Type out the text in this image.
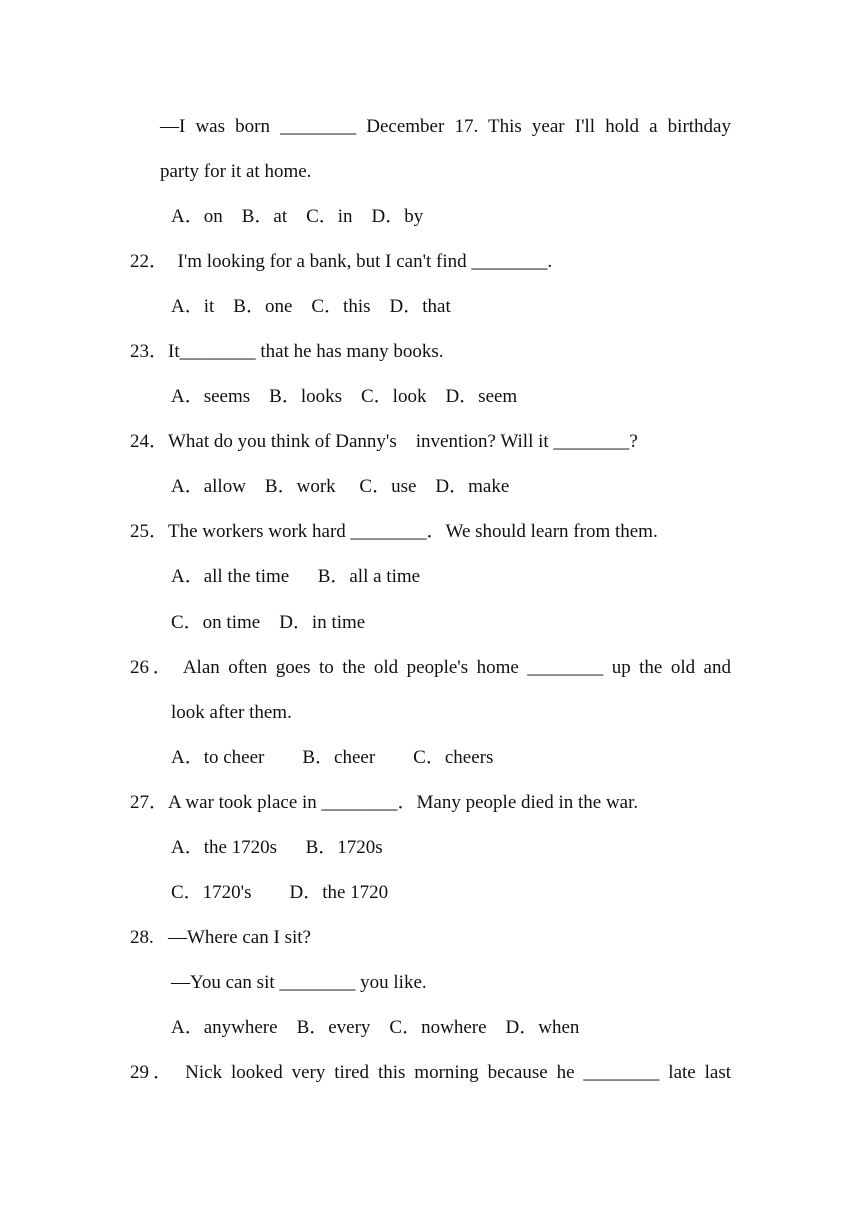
—I was born ________ December 17. This year I'll hold a birthday
party for it at home.
A．on    B．at    C．in    D．by
22．  I'm looking for a bank, but I can't find ________.
A．it    B．one    C．this    D．that
23．It________ that he has many books.
A．seems    B．looks    C．look    D．seem
24．What do you think of Danny's    invention? Will it ________?
A．allow    B．work     C．use    D．make
25．The workers work hard ________．We should learn from them.
A．all the time      B．all a time
C．on time    D．in time
26． Alan often goes to the old people's home ________ up the old and
look after them.
A．to cheer        B．cheer        C．cheers
27．A war took place in ________．Many people died in the war.
A．the 1720s      B．1720s
C．1720's        D．the 1720
28.   —Where can I sit?
—You can sit ________ you like.
A．anywhere    B．every    C．nowhere    D．when
29． Nick looked very tired this morning because he ________ late last
